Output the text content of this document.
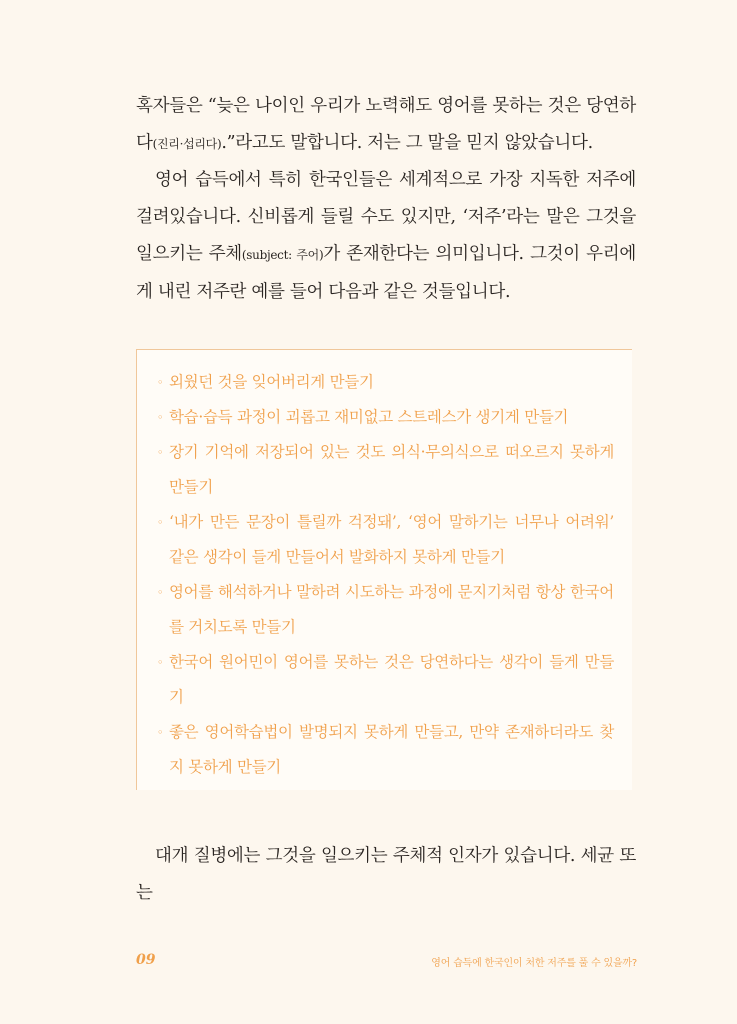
혹자들은 “늦은 나이인 우리가 노력해도 영어를 못하는 것은 당연하다(진리·섭리다).”라고도 말합니다. 저는 그 말을 믿지 않았습니다.

영어 습득에서 특히 한국인들은 세계적으로 가장 지독한 저주에 걸려있습니다. 신비롭게 들릴 수도 있지만, ‘저주’라는 말은 그것을 일으키는 주체(subject: 주어)가 존재한다는 의미입니다. 그것이 우리에게 내린 저주란 예를 들어 다음과 같은 것들입니다.

◦ 외웠던 것을 잊어버리게 만들기
◦ 학습·습득 과정이 괴롭고 재미없고 스트레스가 생기게 만들기
◦ 장기 기억에 저장되어 있는 것도 의식·무의식으로 떠오르지 못하게 만들기
◦ ‘내가 만든 문장이 틀릴까 걱정돼’, ‘영어 말하기는 너무나 어려워’ 같은 생각이 들게 만들어서 발화하지 못하게 만들기
◦ 영어를 해석하거나 말하려 시도하는 과정에 문지기처럼 항상 한국어를 거치도록 만들기
◦ 한국어 원어민이 영어를 못하는 것은 당연하다는 생각이 들게 만들기
◦ 좋은 영어학습법이 발명되지 못하게 만들고, 만약 존재하더라도 찾지 못하게 만들기

대개 질병에는 그것을 일으키는 주체적 인자가 있습니다. 세균 또는

09	영어 습득에 한국인이 처한 저주를 풀 수 있을까?
